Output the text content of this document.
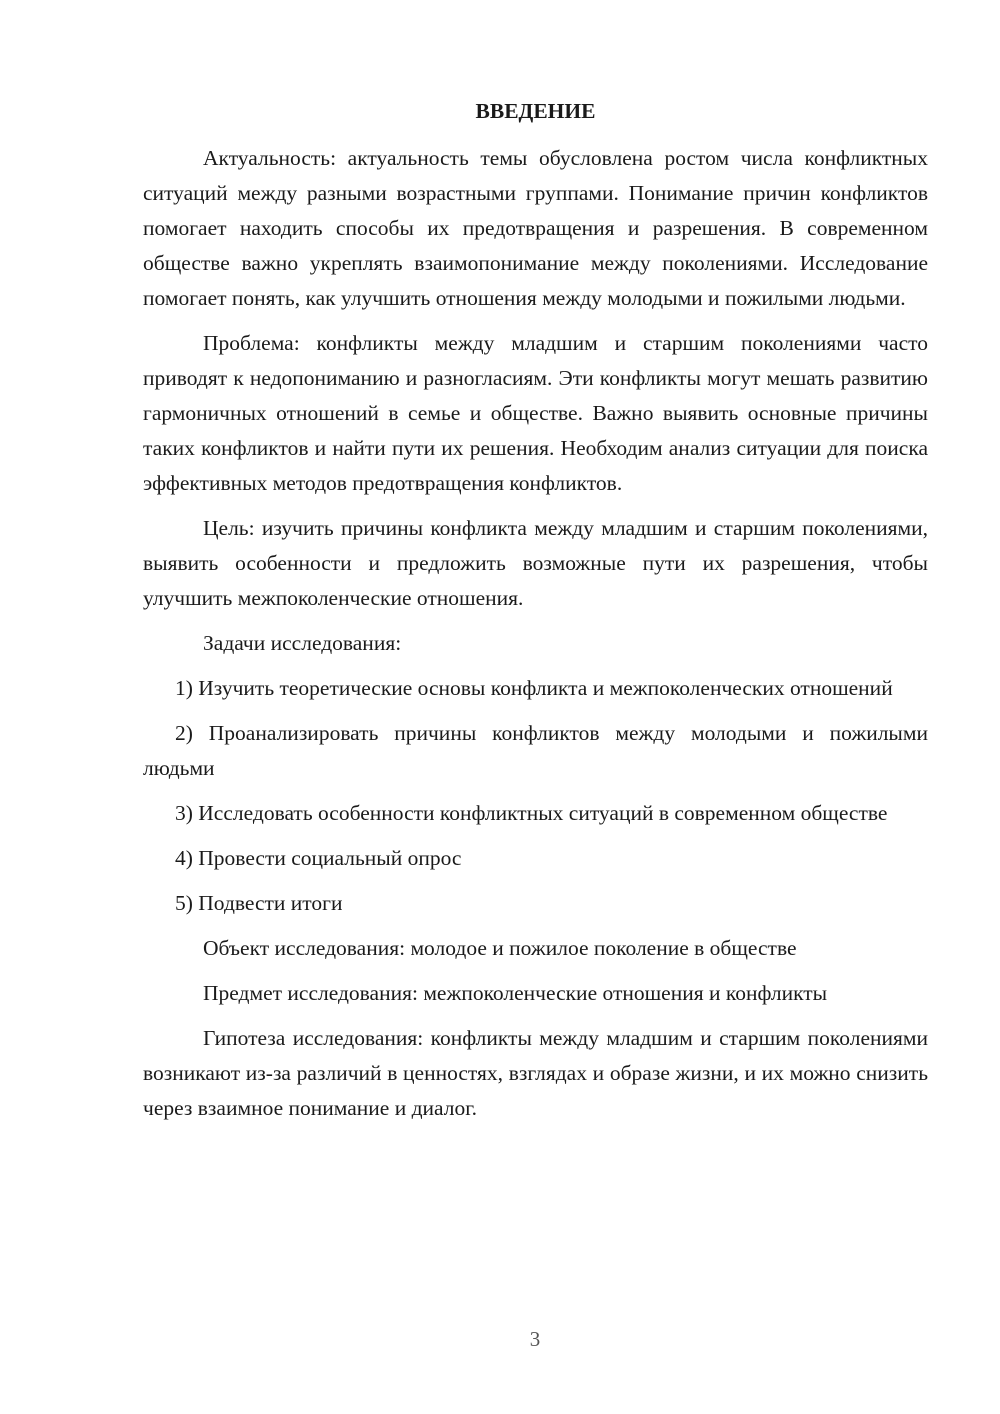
ВВЕДЕНИЕ

Актуальность: актуальность темы обусловлена ростом числа конфликтных ситуаций между разными возрастными группами. Понимание причин конфликтов помогает находить способы их предотвращения и разрешения. В современном обществе важно укреплять взаимопонимание между поколениями. Исследование помогает понять, как улучшить отношения между молодыми и пожилыми людьми.

Проблема: конфликты между младшим и старшим поколениями часто приводят к недопониманию и разногласиям. Эти конфликты могут мешать развитию гармоничных отношений в семье и обществе. Важно выявить основные причины таких конфликтов и найти пути их решения. Необходим анализ ситуации для поиска эффективных методов предотвращения конфликтов.

Цель: изучить причины конфликта между младшим и старшим поколениями, выявить особенности и предложить возможные пути их разрешения, чтобы улучшить межпоколенческие отношения.

Задачи исследования:

1) Изучить теоретические основы конфликта и межпоколенческих отношений

2) Проанализировать причины конфликтов между молодыми и пожилыми людьми

3) Исследовать особенности конфликтных ситуаций в современном обществе

4) Провести социальный опрос

5) Подвести итоги

Объект исследования: молодое и пожилое поколение в обществе

Предмет исследования: межпоколенческие отношения и конфликты

Гипотеза исследования: конфликты между младшим и старшим поколениями возникают из-за различий в ценностях, взглядах и образе жизни, и их можно снизить через взаимное понимание и диалог.

3
